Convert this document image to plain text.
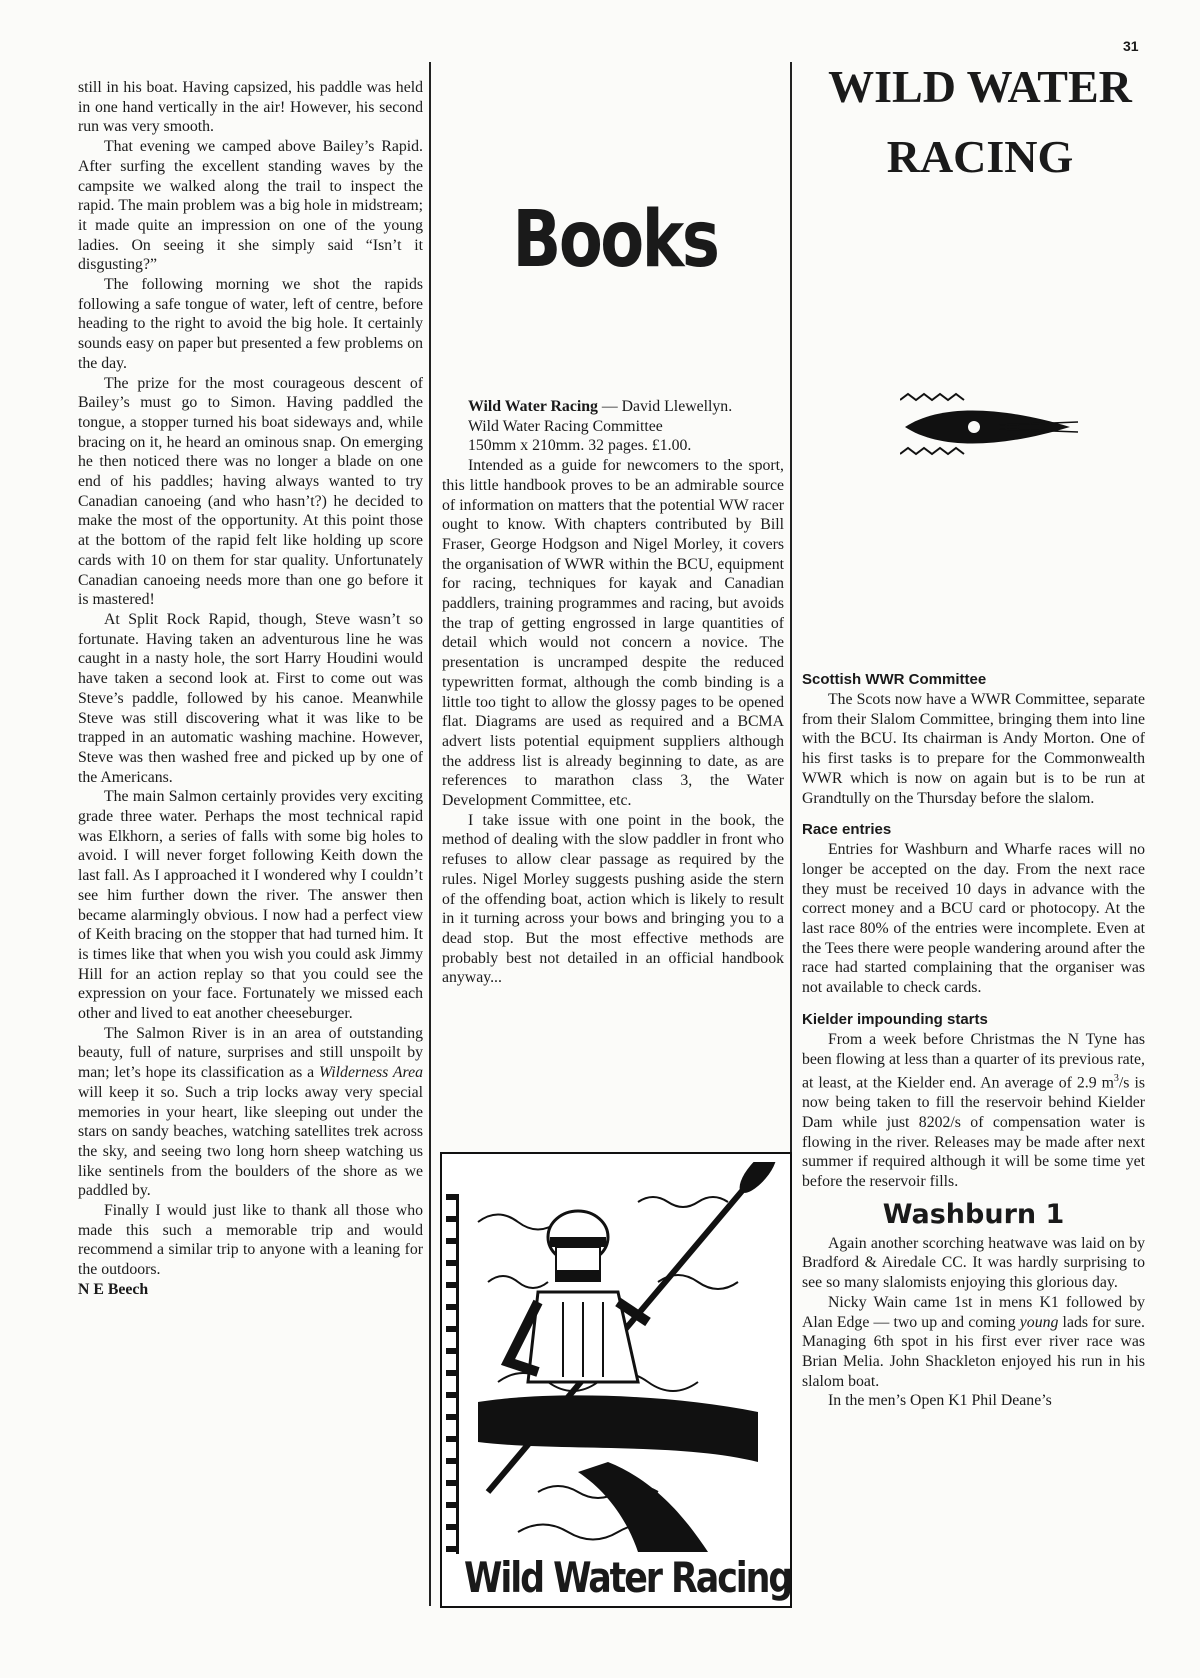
31

still in his boat. Having capsized, his paddle was held in one hand vertically in the air! However, his second run was very smooth.

That evening we camped above Bailey’s Rapid. After surfing the excellent standing waves by the campsite we walked along the trail to inspect the rapid. The main problem was a big hole in midstream; it made quite an impression on one of the young ladies. On seeing it she simply said “Isn’t it disgusting?”

The following morning we shot the rapids following a safe tongue of water, left of centre, before heading to the right to avoid the big hole. It certainly sounds easy on paper but presented a few problems on the day.

The prize for the most courageous descent of Bailey’s must go to Simon. Having paddled the tongue, a stopper turned his boat sideways and, while bracing on it, he heard an ominous snap. On emerging he then noticed there was no longer a blade on one end of his paddles; having always wanted to try Canadian canoeing (and who hasn’t?) he decided to make the most of the opportunity. At this point those at the bottom of the rapid felt like holding up score cards with 10 on them for star quality. Unfortunately Canadian canoeing needs more than one go before it is mastered!

At Split Rock Rapid, though, Steve wasn’t so fortunate. Having taken an adventurous line he was caught in a nasty hole, the sort Harry Houdini would have taken a second look at. First to come out was Steve’s paddle, followed by his canoe. Meanwhile Steve was still discovering what it was like to be trapped in an automatic washing machine. However, Steve was then washed free and picked up by one of the Americans.

The main Salmon certainly provides very exciting grade three water. Perhaps the most technical rapid was Elkhorn, a series of falls with some big holes to avoid. I will never forget following Keith down the last fall. As I approached it I wondered why I couldn’t see him further down the river. The answer then became alarmingly obvious. I now had a perfect view of Keith bracing on the stopper that had turned him. It is times like that when you wish you could ask Jimmy Hill for an action replay so that you could see the expression on your face. Fortunately we missed each other and lived to eat another cheeseburger.

The Salmon River is in an area of outstanding beauty, full of nature, surprises and still unspoilt by man; let’s hope its classification as a Wilderness Area will keep it so. Such a trip locks away very special memories in your heart, like sleeping out under the stars on sandy beaches, watching satellites trek across the sky, and seeing two long horn sheep watching us like sentinels from the boulders of the shore as we paddled by.

Finally I would just like to thank all those who made this such a memorable trip and would recommend a similar trip to anyone with a leaning for the outdoors.

N E Beech

Books

Wild Water Racing — David Llewellyn.

Wild Water Racing Committee

150mm x 210mm. 32 pages. £1.00.

Intended as a guide for newcomers to the sport, this little handbook proves to be an admirable source of information on matters that the potential WW racer ought to know. With chapters contributed by Bill Fraser, George Hodgson and Nigel Morley, it covers the organisation of WWR within the BCU, equipment for racing, techniques for kayak and Canadian paddlers, training programmes and racing, but avoids the trap of getting engrossed in large quantities of detail which would not concern a novice. The presentation is uncramped despite the reduced typewritten format, although the comb binding is a little too tight to allow the glossy pages to be opened flat. Diagrams are used as required and a BCMA advert lists potential equipment suppliers although the address list is already beginning to date, as are references to marathon class 3, the Water Development Committee, etc.

I take issue with one point in the book, the method of dealing with the slow paddler in front who refuses to allow clear passage as required by the rules. Nigel Morley suggests pushing aside the stern of the offending boat, action which is likely to result in it turning across your bows and bringing you to a dead stop. But the most effective methods are probably best not detailed in an official handbook anyway...

Wild Water Racing
WILD WATER
RACING
Scottish WWR Committee

The Scots now have a WWR Committee, separate from their Slalom Committee, bringing them into line with the BCU. Its chairman is Andy Morton. One of his first tasks is to prepare for the Commonwealth WWR which is now on again but is to be run at Grandtully on the Thursday before the slalom.

Race entries

Entries for Washburn and Wharfe races will no longer be accepted on the day. From the next race they must be received 10 days in advance with the correct money and a BCU card or photocopy. At the last race 80% of the entries were incomplete. Even at the Tees there were people wandering around after the race had started complaining that the organiser was not available to check cards.

Kielder impounding starts

From a week before Christmas the N Tyne has been flowing at less than a quarter of its previous rate, at least, at the Kielder end. An average of 2.9 $m^3/s$ is now being taken to fill the reservoir behind Kielder Dam while just 8202/s of compensation water is flowing in the river. Releases may be made after next summer if required although it will be some time yet before the reservoir fills.

Washburn 1

Again another scorching heatwave was laid on by Bradford & Airedale CC. It was hardly surprising to see so many slalomists enjoying this glorious day.

Nicky Wain came 1st in mens K1 followed by Alan Edge — two up and coming young lads for sure. Managing 6th spot in his first ever river race was Brian Melia. John Shackleton enjoyed his run in his slalom boat.

In the men’s Open K1 Phil Deane’s
